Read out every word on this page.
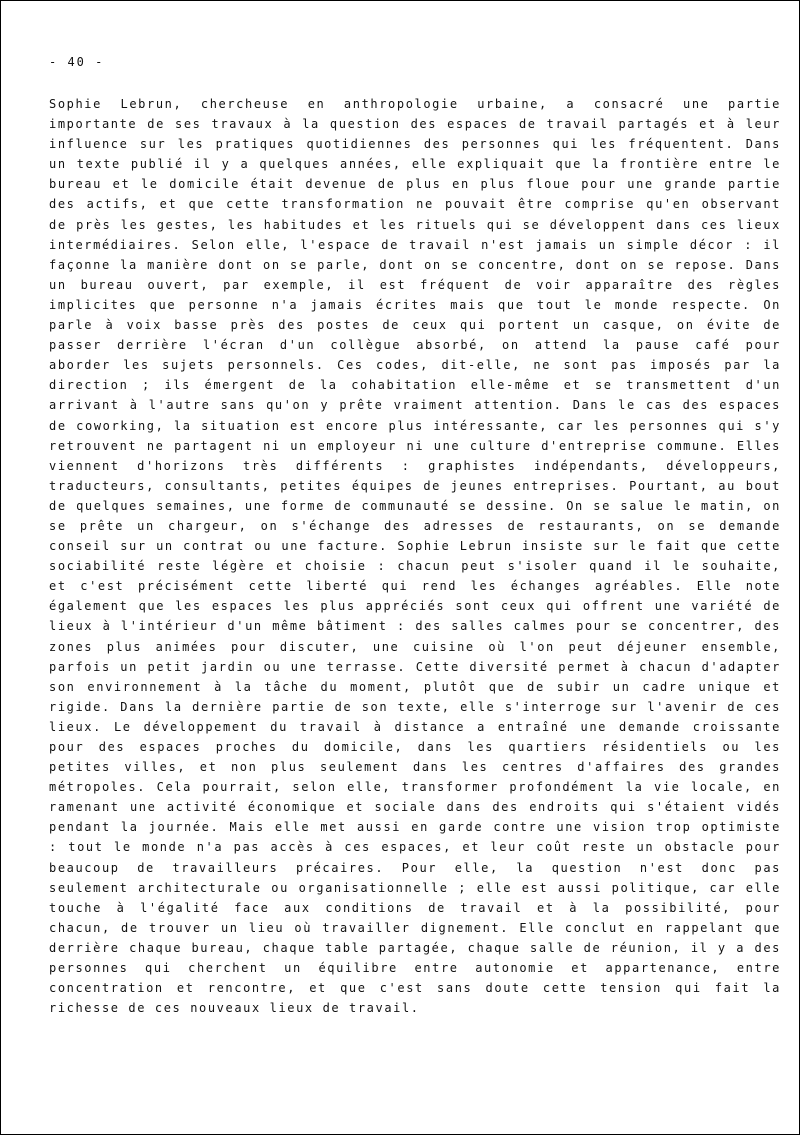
- 40 -

Sophie Lebrun, chercheuse en anthropologie urbaine, a consacré une partie importante de ses travaux à la question des espaces de travail partagés et à leur influence sur les pratiques quotidiennes des personnes qui les fréquentent. Dans un texte publié il y a quelques années, elle expliquait que la frontière entre le bureau et le domicile était devenue de plus en plus floue pour une grande partie des actifs, et que cette transformation ne pouvait être comprise qu'en observant de près les gestes, les habitudes et les rituels qui se développent dans ces lieux intermédiaires. Selon elle, l'espace de travail n'est jamais un simple décor : il façonne la manière dont on se parle, dont on se concentre, dont on se repose. Dans un bureau ouvert, par exemple, il est fréquent de voir apparaître des règles implicites que personne n'a jamais écrites mais que tout le monde respecte. On parle à voix basse près des postes de ceux qui portent un casque, on évite de passer derrière l'écran d'un collègue absorbé, on attend la pause café pour aborder les sujets personnels. Ces codes, dit-elle, ne sont pas imposés par la direction ; ils émergent de la cohabitation elle-même et se transmettent d'un arrivant à l'autre sans qu'on y prête vraiment attention. Dans le cas des espaces de coworking, la situation est encore plus intéressante, car les personnes qui s'y retrouvent ne partagent ni un employeur ni une culture d'entreprise commune. Elles viennent d'horizons très différents : graphistes indépendants, développeurs, traducteurs, consultants, petites équipes de jeunes entreprises. Pourtant, au bout de quelques semaines, une forme de communauté se dessine. On se salue le matin, on se prête un chargeur, on s'échange des adresses de restaurants, on se demande conseil sur un contrat ou une facture. Sophie Lebrun insiste sur le fait que cette sociabilité reste légère et choisie : chacun peut s'isoler quand il le souhaite, et c'est précisément cette liberté qui rend les échanges agréables. Elle note également que les espaces les plus appréciés sont ceux qui offrent une variété de lieux à l'intérieur d'un même bâtiment : des salles calmes pour se concentrer, des zones plus animées pour discuter, une cuisine où l'on peut déjeuner ensemble, parfois un petit jardin ou une terrasse. Cette diversité permet à chacun d'adapter son environnement à la tâche du moment, plutôt que de subir un cadre unique et rigide. Dans la dernière partie de son texte, elle s'interroge sur l'avenir de ces lieux. Le développement du travail à distance a entraîné une demande croissante pour des espaces proches du domicile, dans les quartiers résidentiels ou les petites villes, et non plus seulement dans les centres d'affaires des grandes métropoles. Cela pourrait, selon elle, transformer profondément la vie locale, en ramenant une activité économique et sociale dans des endroits qui s'étaient vidés pendant la journée. Mais elle met aussi en garde contre une vision trop optimiste : tout le monde n'a pas accès à ces espaces, et leur coût reste un obstacle pour beaucoup de travailleurs précaires. Pour elle, la question n'est donc pas seulement architecturale ou organisationnelle ; elle est aussi politique, car elle touche à l'égalité face aux conditions de travail et à la possibilité, pour chacun, de trouver un lieu où travailler dignement. Elle conclut en rappelant que derrière chaque bureau, chaque table partagée, chaque salle de réunion, il y a des personnes qui cherchent un équilibre entre autonomie et appartenance, entre concentration et rencontre, et que c'est sans doute cette tension qui fait la richesse de ces nouveaux lieux de travail.
